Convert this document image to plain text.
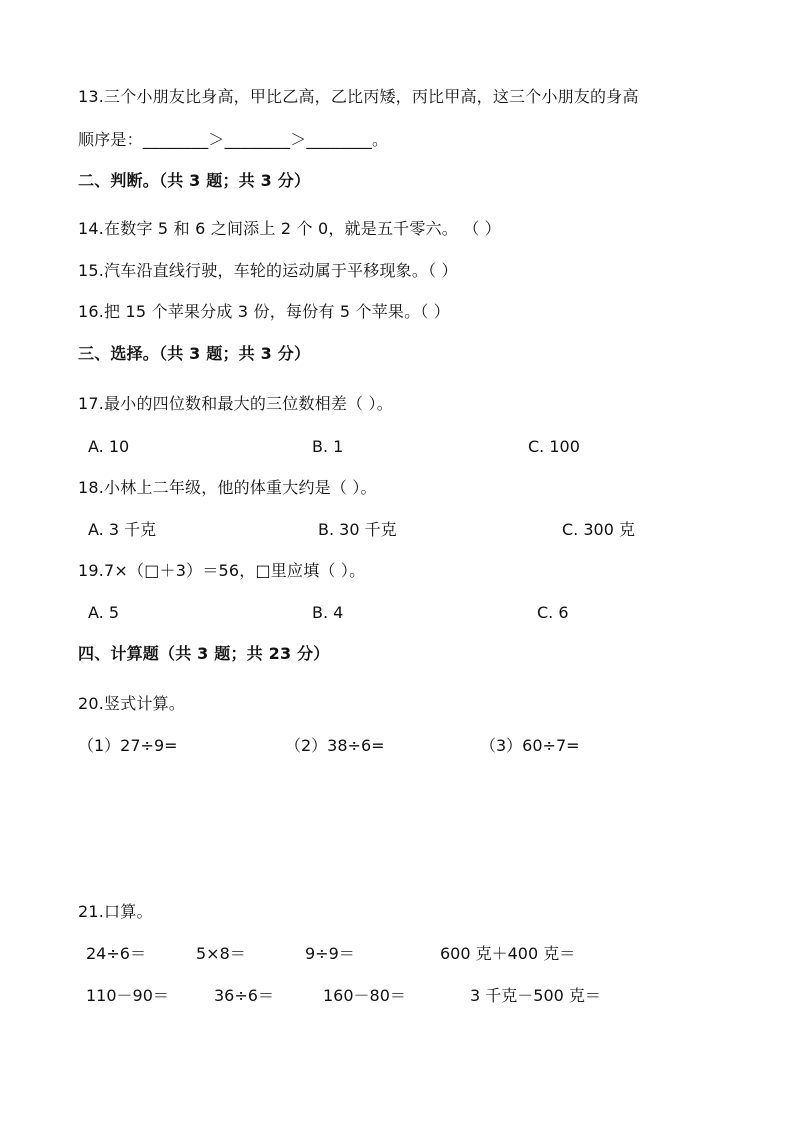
13.三个小朋友比身高，甲比乙高，乙比丙矮，丙比甲高，这三个小朋友的身高
顺序是：________＞________＞________。
二、判断。（共 3 题；共 3 分）
14.在数字 5 和 6 之间添上 2 个 0，就是五千零六。 （ ）
15.汽车沿直线行驶，车轮的运动属于平移现象。（ ）
16.把 15 个苹果分成 3 份，每份有 5 个苹果。（ ）
三、选择。（共 3 题；共 3 分）
17.最小的四位数和最大的三位数相差（ ）。
A. 10	B. 1	C. 100
18.小林上二年级，他的体重大约是（ ）。
A. 3 千克	B. 30 千克	C. 300 克
19.7×（□＋3）＝56，□里应填（ ）。
A. 5	B. 4	C. 6
四、计算题（共 3 题；共 23 分）
20.竖式计算。
（1）27÷9=	（2）38÷6=	（3）60÷7=
21.口算。
24÷6＝	5×8＝	9÷9＝	600 克＋400 克＝
110－90＝	36÷6＝	160－80＝	3 千克－500 克＝
